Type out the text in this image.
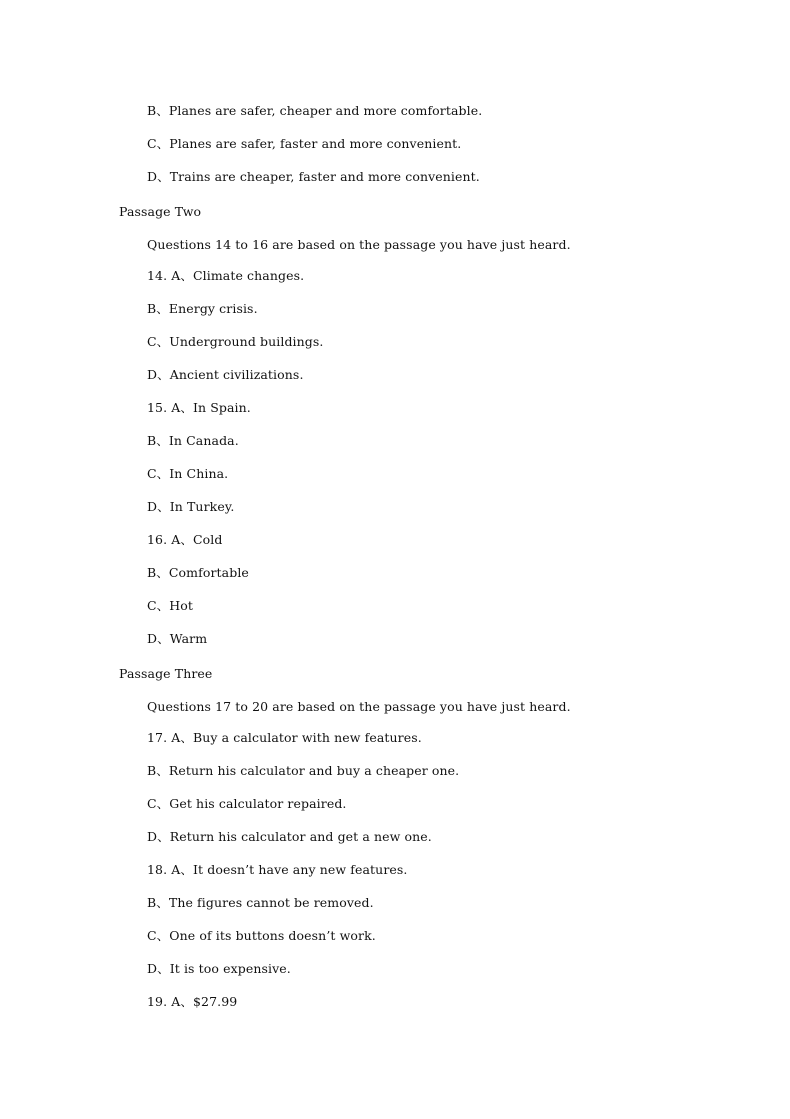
B、Planes are safer, cheaper and more comfortable.
C、Planes are safer, faster and more convenient.
D、Trains are cheaper, faster and more convenient.
Passage Two
Questions 14 to 16 are based on the passage you have just heard.
14. A、Climate changes.
B、Energy crisis.
C、Underground buildings.
D、Ancient civilizations.
15. A、In Spain.
B、In Canada.
C、In China.
D、In Turkey.
16. A、Cold
B、Comfortable
C、Hot
D、Warm
Passage Three
Questions 17 to 20 are based on the passage you have just heard.
17. A、Buy a calculator with new features.
B、Return his calculator and buy a cheaper one.
C、Get his calculator repaired.
D、Return his calculator and get a new one.
18. A、It doesn’t have any new features.
B、The figures cannot be removed.
C、One of its buttons doesn’t work.
D、It is too expensive.
19. A、$27.99
